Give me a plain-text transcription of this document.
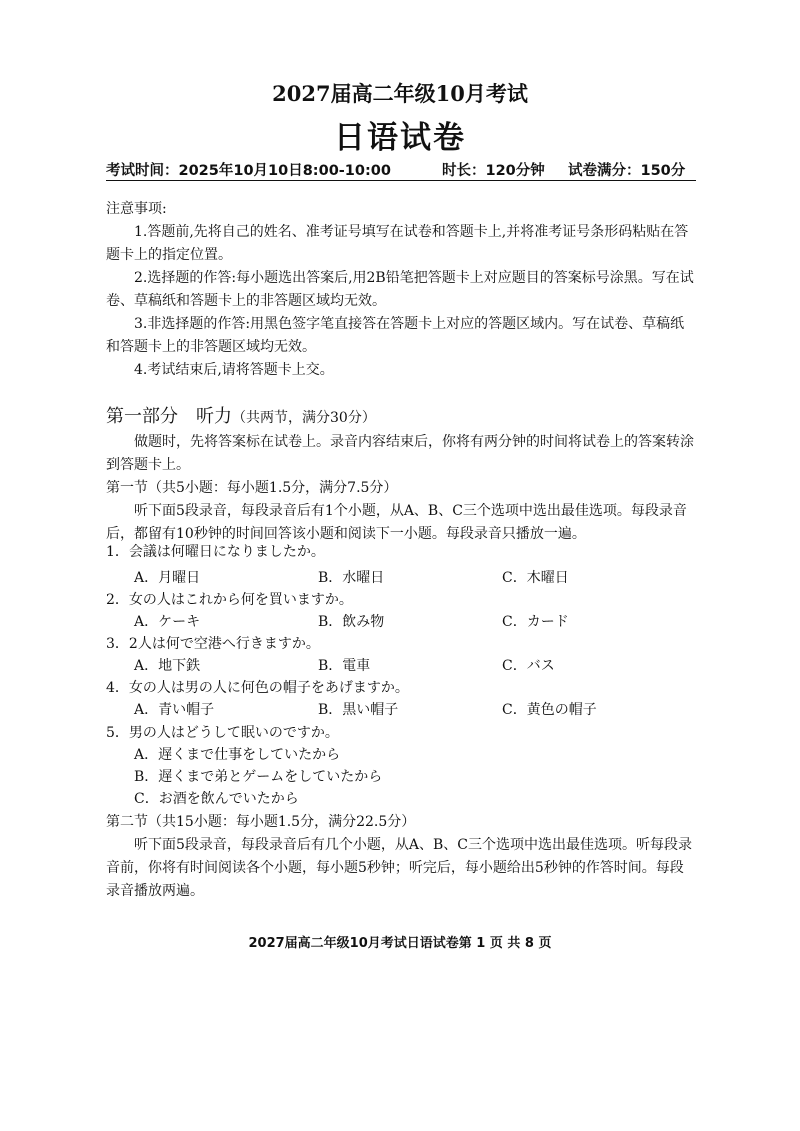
2027届高二年级10月考试
日语试卷
考试时间：2025年10月10日8:00-10:00	时长：120分钟 试卷满分：150分
注意事项:
1.答题前,先将自己的姓名、准考证号填写在试卷和答题卡上,并将准考证号条形码粘贴在答题卡上的指定位置。
2.选择题的作答:每小题选出答案后,用2B铅笔把答题卡上对应题目的答案标号涂黑。写在试卷、草稿纸和答题卡上的非答题区域均无效。
3.非选择题的作答:用黑色签字笔直接答在答题卡上对应的答题区域内。写在试卷、草稿纸和答题卡上的非答题区域均无效。
4.考试结束后,请将答题卡上交。
第一部分　听力（共两节，满分30分）
做题时，先将答案标在试卷上。录音内容结束后，你将有两分钟的时间将试卷上的答案转涂到答题卡上。
第一节（共5小题：每小题1.5分，满分7.5分）
听下面5段录音，每段录音后有1个小题，从A、B、C三个选项中选出最佳选项。每段录音后，都留有10秒钟的时间回答该小题和阅读下一小题。每段录音只播放一遍。
1．会議は何曜日になりましたか。
A．月曜日	B．水曜日	C．木曜日
2．女の人はこれから何を買いますか。
A．ケーキ	B．飲み物	C．カード
3．2人は何で空港へ行きますか。
A．地下鉄	B．電車	C．バス
4．女の人は男の人に何色の帽子をあげますか。
A．青い帽子	B．黒い帽子	C．黄色の帽子
5．男の人はどうして眠いのですか。
A．遅くまで仕事をしていたから
B．遅くまで弟とゲームをしていたから
C．お酒を飲んでいたから
第二节（共15小题：每小题1.5分，满分22.5分）
听下面5段录音，每段录音后有几个小题，从A、B、C三个选项中选出最佳选项。听每段录音前，你将有时间阅读各个小题，每小题5秒钟；听完后，每小题给出5秒钟的作答时间。每段录音播放两遍。
2027届高二年级10月考试日语试卷第 1 页 共 8 页
